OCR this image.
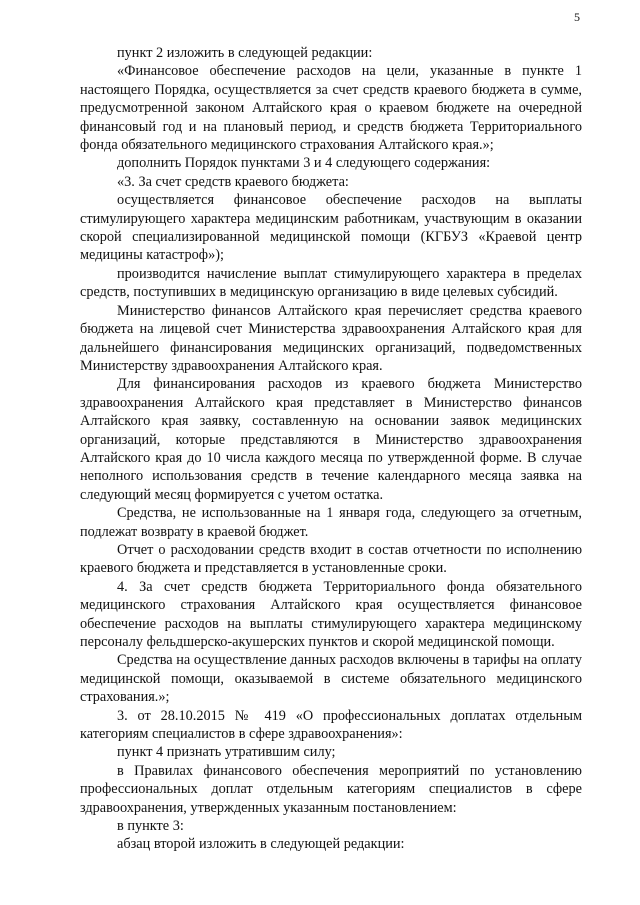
5

пункт 2 изложить в следующей редакции:

«Финансовое обеспечение расходов на цели, указанные в пункте 1 настоящего Порядка, осуществляется за счет средств краевого бюджета в сумме, предусмотренной законом Алтайского края о краевом бюджете на очередной финансовый год и на плановый период, и средств бюджета Территориального фонда обязательного медицинского страхования Алтайского края.»;

дополнить Порядок пунктами 3 и 4 следующего содержания:

«3. За счет средств краевого бюджета:

осуществляется финансовое обеспечение расходов на выплаты стимулирующего характера медицинским работникам, участвующим в оказании скорой специализированной медицинской помощи (КГБУЗ «Краевой центр медицины катастроф»);

производится начисление выплат стимулирующего характера в пределах средств, поступивших в медицинскую организацию в виде целевых субсидий.

Министерство финансов Алтайского края перечисляет средства краевого бюджета на лицевой счет Министерства здравоохранения Алтайского края для дальнейшего финансирования медицинских организаций, подведомственных Министерству здравоохранения Алтайского края.

Для финансирования расходов из краевого бюджета Министерство здравоохранения Алтайского края представляет в Министерство финансов Алтайского края заявку, составленную на основании заявок медицинских организаций, которые представляются в Министерство здравоохранения Алтайского края до 10 числа каждого месяца по утвержденной форме. В случае неполного использования средств в течение календарного месяца заявка на следующий месяц формируется с учетом остатка.

Средства, не использованные на 1 января года, следующего за отчетным, подлежат возврату в краевой бюджет.

Отчет о расходовании средств входит в состав отчетности по исполнению краевого бюджета и представляется в установленные сроки.

4. За счет средств бюджета Территориального фонда обязательного медицинского страхования Алтайского края осуществляется финансовое обеспечение расходов на выплаты стимулирующего характера медицинскому персоналу фельдшерско-акушерских пунктов и скорой медицинской помощи.

Средства на осуществление данных расходов включены в тарифы на оплату медицинской помощи, оказываемой в системе обязательного медицинского страхования.»;

3. от 28.10.2015 № 419 «О профессиональных доплатах отдельным категориям специалистов в сфере здравоохранения»:

пункт 4 признать утратившим силу;

в Правилах финансового обеспечения мероприятий по установлению профессиональных доплат отдельным категориям специалистов в сфере здравоохранения, утвержденных указанным постановлением:

в пункте 3:

абзац второй изложить в следующей редакции:
